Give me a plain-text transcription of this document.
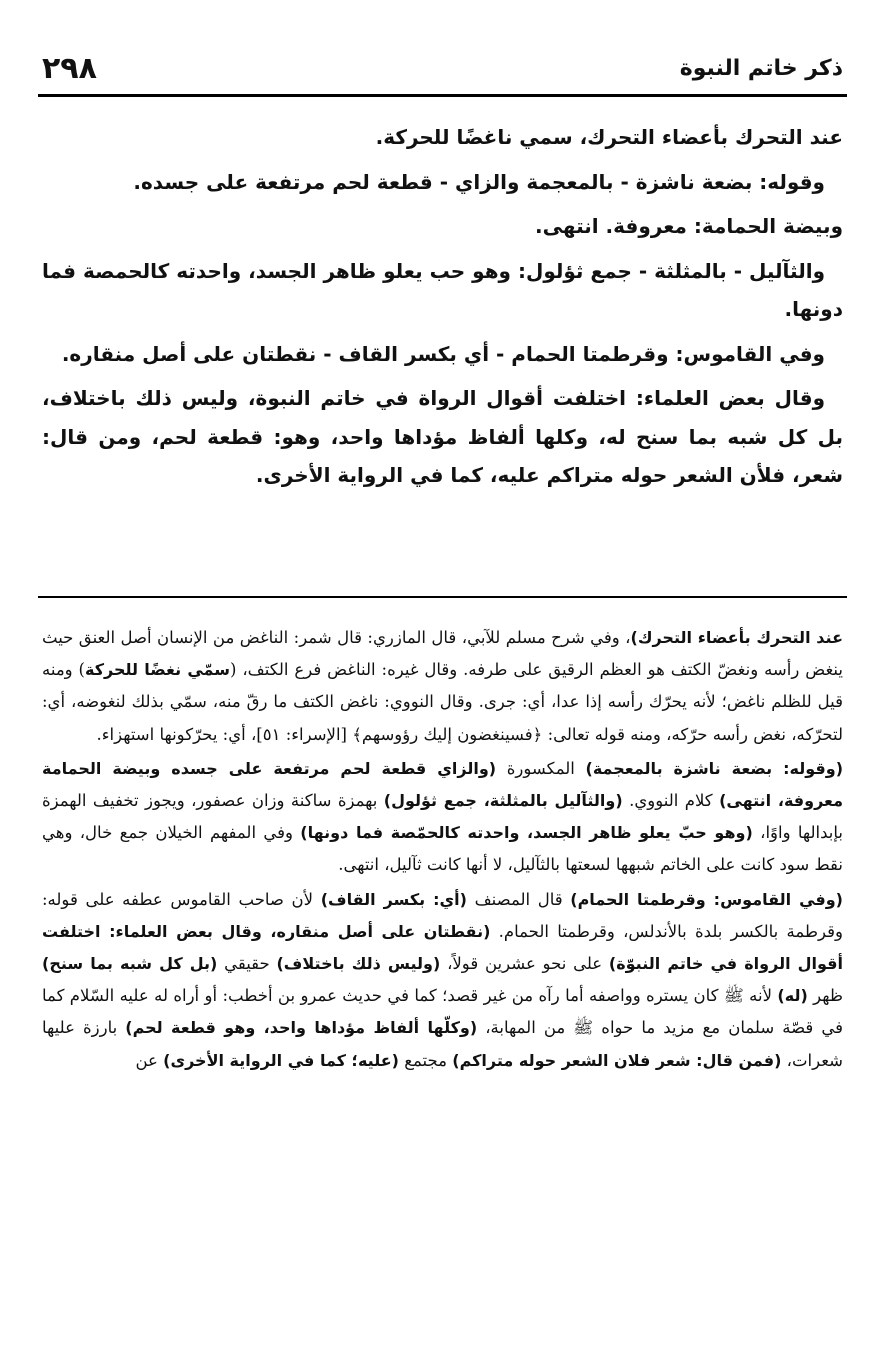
٢٩٨	ذكر خاتم النبوة

عند التحرك بأعضاء التحرك، سمي ناغضًا للحركة.

وقوله: بضعة ناشزة - بالمعجمة والزاي - قطعة لحم مرتفعة على جسده.

وبيضة الحمامة: معروفة. انتهى.

والثآليل - بالمثلثة - جمع ثؤلول: وهو حب يعلو ظاهر الجسد، واحدته كالحمصة فما دونها.

وفي القاموس: وقرطمتا الحمام - أي بكسر القاف - نقطتان على أصل منقاره.

وقال بعض العلماء: اختلفت أقوال الرواة في خاتم النبوة، وليس ذلك باختلاف، بل كل شبه بما سنح له، وكلها ألفاظ مؤداها واحد، وهو: قطعة لحم، ومن قال: شعر، فلأن الشعر حوله متراكم عليه، كما في الرواية الأخرى.

عند التحرك بأعضاء التحرك)، وفي شرح مسلم للآبي، قال المازري: قال شمر: الناغض من الإنسان أصل العنق حيث ينغض رأسه ونغضّ الكتف هو العظم الرقيق على طرفه. وقال غيره: الناغض فرع الكتف، (سمّي نغضًا للحركة) ومنه قيل للظلم ناغض؛ لأنه يحرّك رأسه إذا عدا، أي: جرى. وقال النووي: ناغض الكتف ما رقّ منه، سمّي بذلك لنغوضه، أي: لتحرّكه، نغض رأسه حرّكه، ومنه قوله تعالى: ﴿فسينغضون إليك رؤوسهم﴾ [الإسراء: ٥١]، أي: يحرّكونها استهزاء.

(وقوله: بضعة ناشزة بالمعجمة) المكسورة (والزاي قطعة لحم مرتفعة على جسده وبيضة الحمامة معروفة، انتهى) كلام النووي. (والثآليل بالمثلثة، جمع ثؤلول) بهمزة ساكنة وزان عصفور، ويجوز تخفيف الهمزة بإبدالها واوًا، (وهو حبّ يعلو ظاهر الجسد، واحدته كالحمّصة فما دونها) وفي المفهم الخيلان جمع خال، وهي نقط سود كانت على الخاتم شبهها لسعتها بالثآليل، لا أنها كانت ثآليل، انتهى.

(وفي القاموس: وقرطمتا الحمام) قال المصنف (أي: بكسر القاف) لأن صاحب القاموس عطفه على قوله: وقرطمة بالكسر بلدة بالأندلس، وقرطمتا الحمام. (نقطتان على أصل منقاره، وقال بعض العلماء: اختلفت أقوال الرواة في خاتم النبوّة) على نحو عشرين قولاً، (وليس ذلك باختلاف) حقيقي (بل كل شبه بما سنح) ظهر (له) لأنه ﷺ كان يستره وواصفه أما رآه من غير قصد؛ كما في حديث عمرو بن أخطب: أو أراه له عليه السّلام كما في قصّة سلمان مع مزيد ما حواه ﷺ من المهابة، (وكلّها ألفاظ مؤداها واحد، وهو قطعة لحم) بارزة عليها شعرات، (فمن قال: شعر فلان الشعر حوله متراكم) مجتمع (عليه؛ كما في الرواية الأخرى) عن
